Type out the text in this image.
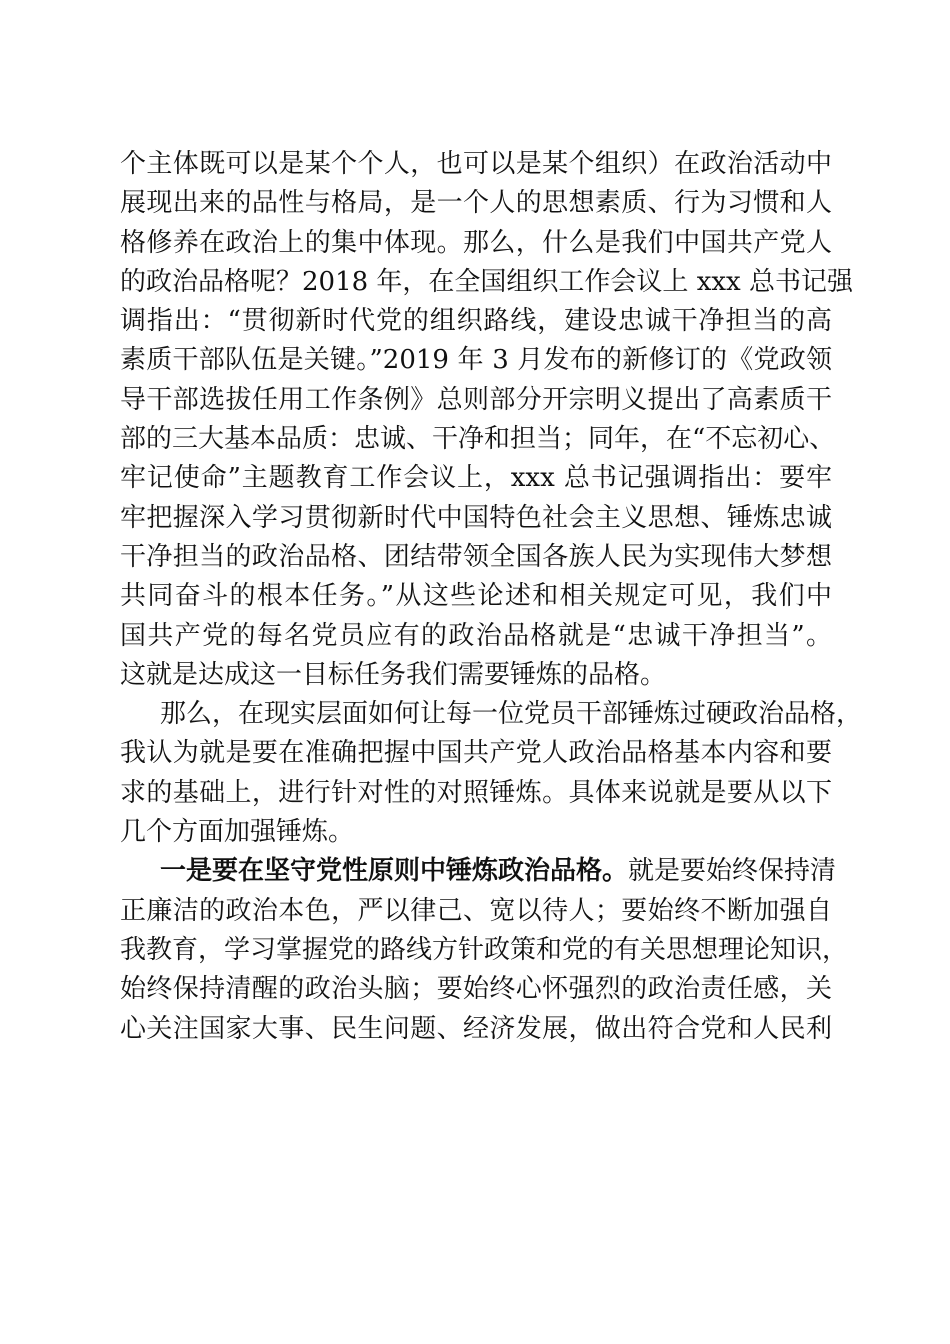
个主体既可以是某个个人，也可以是某个组织）在政治活动中
展现出来的品性与格局，是一个人的思想素质、行为习惯和人
格修养在政治上的集中体现。那么，什么是我们中国共产党人
的政治品格呢？2018 年，在全国组织工作会议上 xxx 总书记强
调指出：“贯彻新时代党的组织路线，建设忠诚干净担当的高
素质干部队伍是关键。”2019 年 3 月发布的新修订的《党政领
导干部选拔任用工作条例》总则部分开宗明义提出了高素质干
部的三大基本品质：忠诚、干净和担当；同年，在“不忘初心、
牢记使命”主题教育工作会议上，xxx 总书记强调指出：要牢
牢把握深入学习贯彻新时代中国特色社会主义思想、锤炼忠诚
干净担当的政治品格、团结带领全国各族人民为实现伟大梦想
共同奋斗的根本任务。”从这些论述和相关规定可见，我们中
国共产党的每名党员应有的政治品格就是“忠诚干净担当”。
这就是达成这一目标任务我们需要锤炼的品格。

那么，在现实层面如何让每一位党员干部锤炼过硬政治品格，
我认为就是要在准确把握中国共产党人政治品格基本内容和要
求的基础上，进行针对性的对照锤炼。具体来说就是要从以下
几个方面加强锤炼。

一是要在坚守党性原则中锤炼政治品格。就是要始终保持清
正廉洁的政治本色，严以律己、宽以待人；要始终不断加强自
我教育，学习掌握党的路线方针政策和党的有关思想理论知识，
始终保持清醒的政治头脑；要始终心怀强烈的政治责任感，关
心关注国家大事、民生问题、经济发展，做出符合党和人民利
